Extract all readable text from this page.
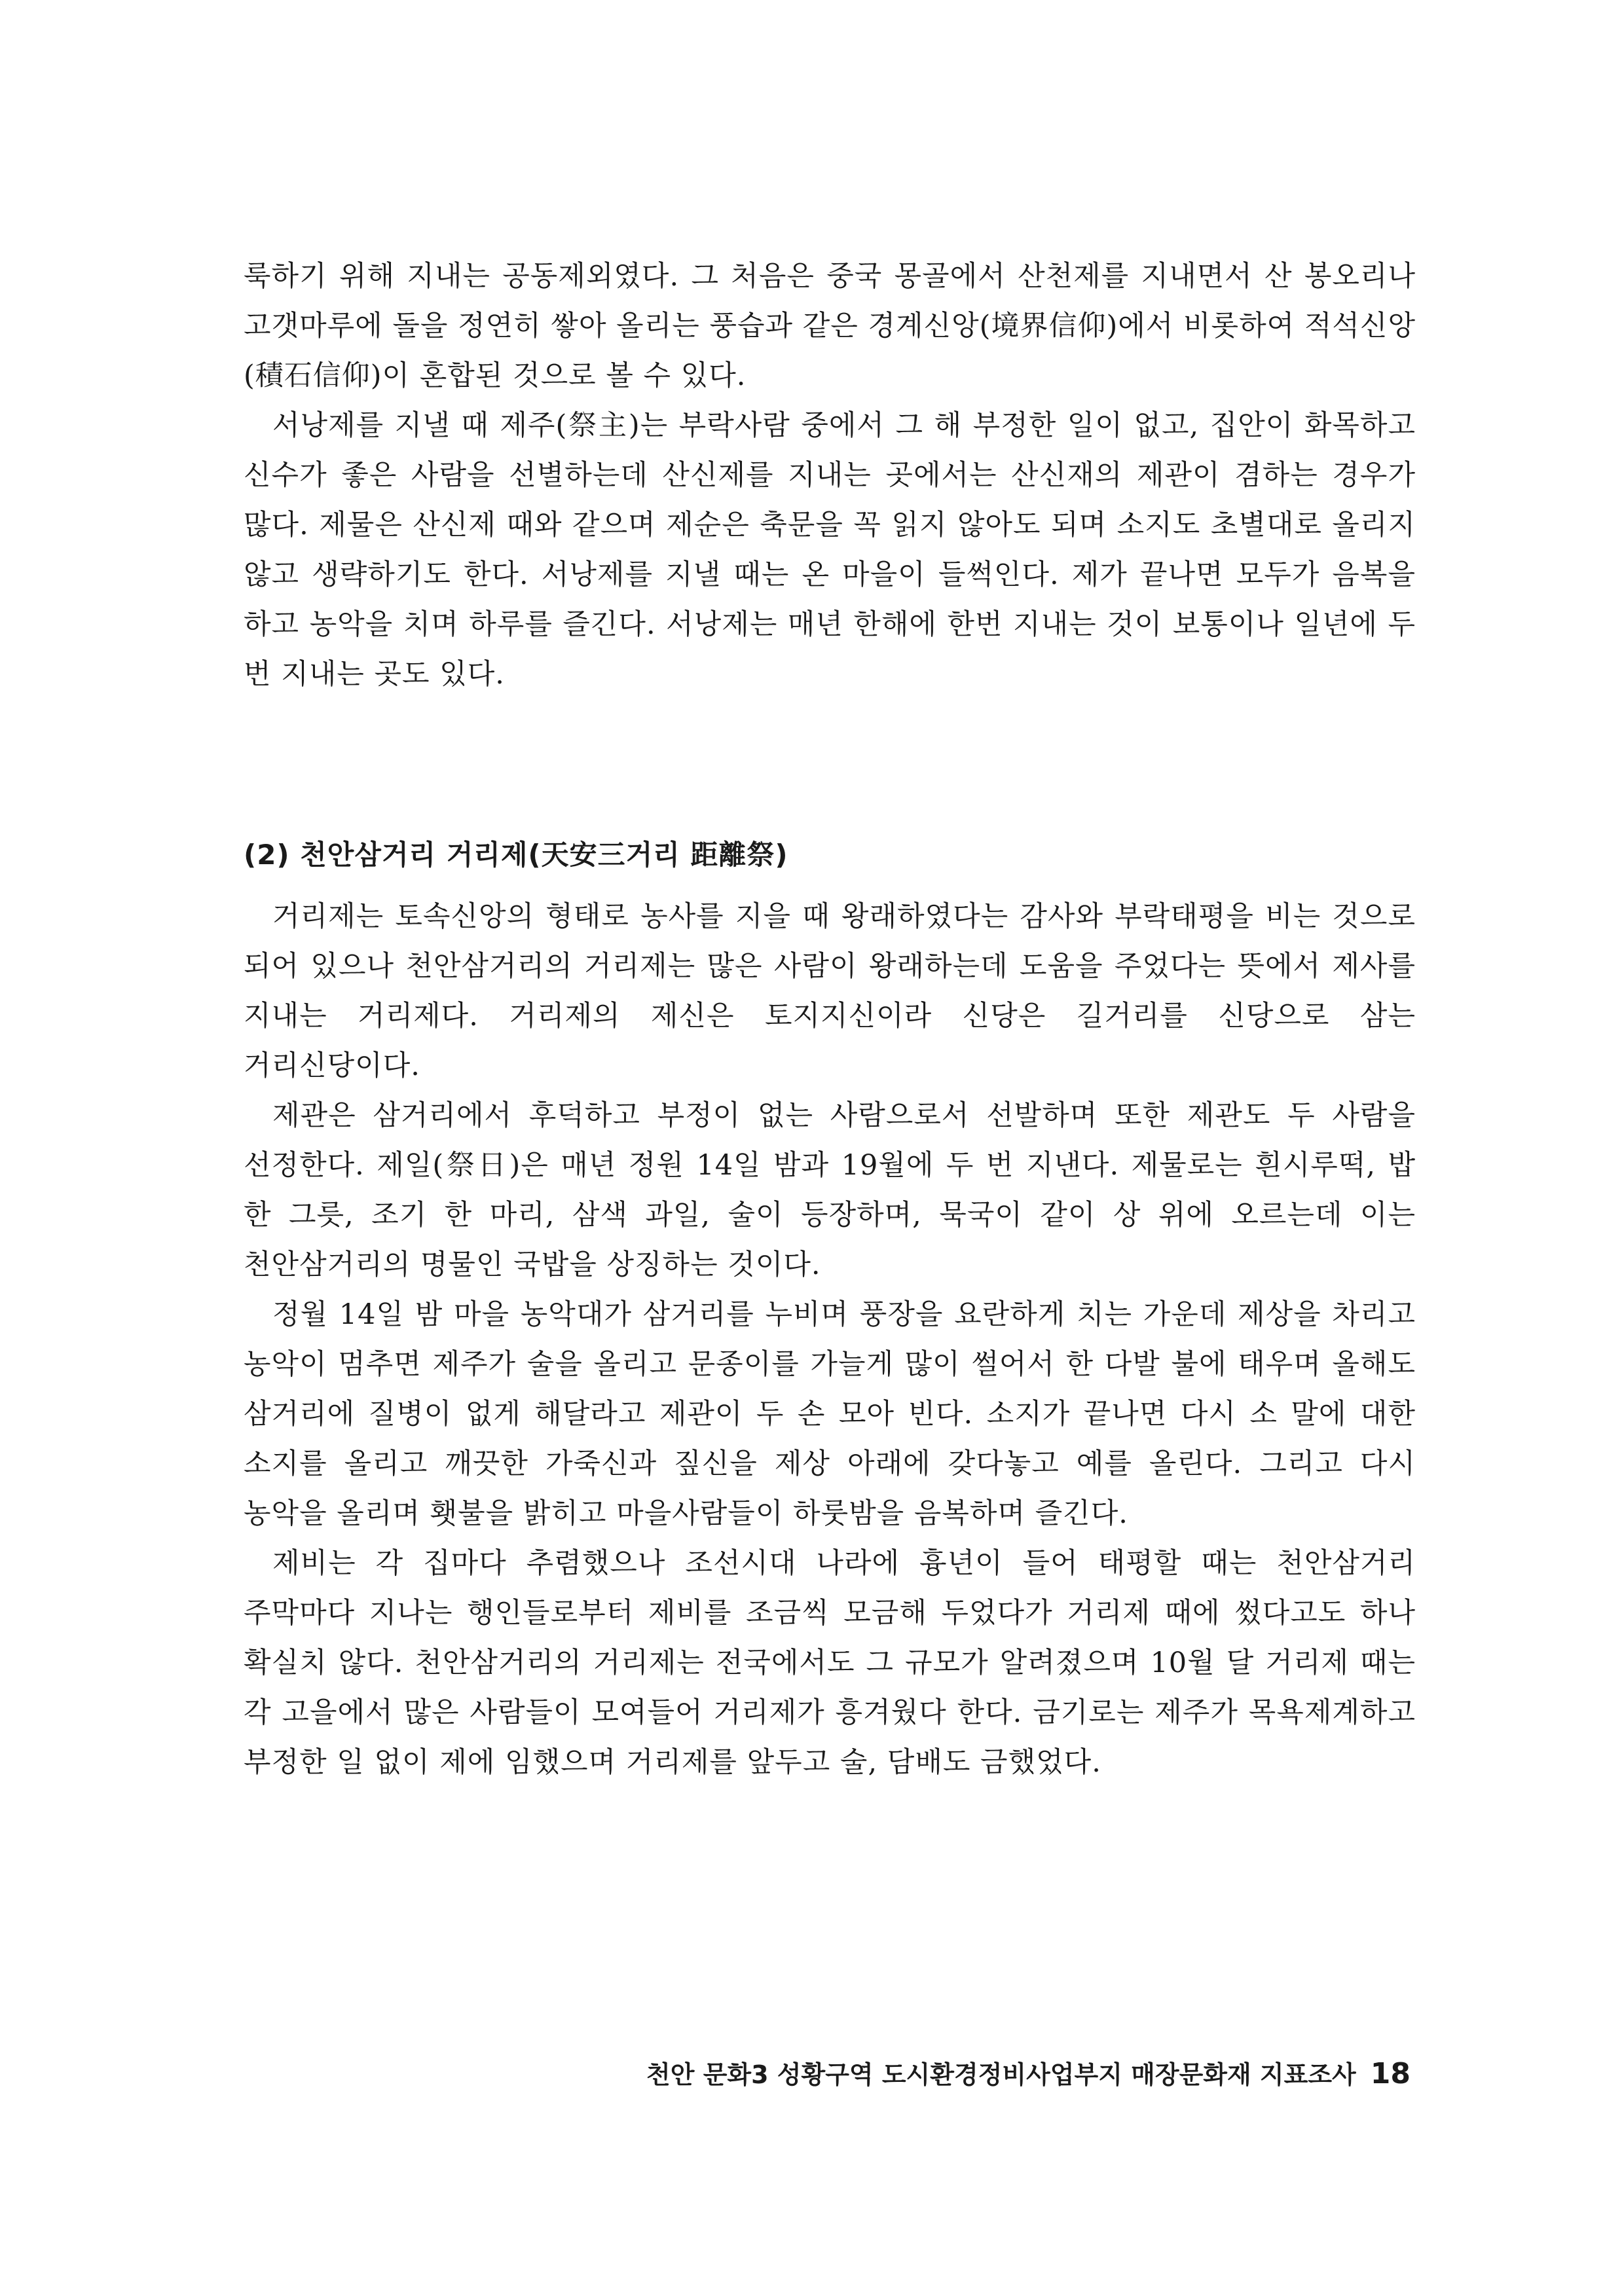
룩하기 위해 지내는 공동제외였다. 그 처음은 중국 몽골에서 산천제를 지내면서 산 봉오리나 고갯마루에 돌을 정연히 쌓아 올리는 풍습과 같은 경계신앙(境界信仰)에서 비롯하여 적석신앙(積石信仰)이 혼합된 것으로 볼 수 있다.

서낭제를 지낼 때 제주(祭主)는 부락사람 중에서 그 해 부정한 일이 없고, 집안이 화목하고 신수가 좋은 사람을 선별하는데 산신제를 지내는 곳에서는 산신재의 제관이 겸하는 경우가 많다. 제물은 산신제 때와 같으며 제순은 축문을 꼭 읽지 않아도 되며 소지도 초별대로 올리지 않고 생략하기도 한다. 서낭제를 지낼 때는 온 마을이 들썩인다. 제가 끝나면 모두가 음복을 하고 농악을 치며 하루를 즐긴다. 서낭제는 매년 한해에 한번 지내는 것이 보통이나 일년에 두 번 지내는 곳도 있다.

(2) 천안삼거리 거리제(天安三거리 距離祭)

거리제는 토속신앙의 형태로 농사를 지을 때 왕래하였다는 감사와 부락태평을 비는 것으로 되어 있으나 천안삼거리의 거리제는 많은 사람이 왕래하는데 도움을 주었다는 뜻에서 제사를 지내는 거리제다. 거리제의 제신은 토지지신이라 신당은 길거리를 신당으로 삼는 거리신당이다.

제관은 삼거리에서 후덕하고 부정이 없는 사람으로서 선발하며 또한 제관도 두 사람을 선정한다. 제일(祭日)은 매년 정원 14일 밤과 19월에 두 번 지낸다. 제물로는 흰시루떡, 밥 한 그릇, 조기 한 마리, 삼색 과일, 술이 등장하며, 묵국이 같이 상 위에 오르는데 이는 천안삼거리의 명물인 국밥을 상징하는 것이다.

정월 14일 밤 마을 농악대가 삼거리를 누비며 풍장을 요란하게 치는 가운데 제상을 차리고 농악이 멈추면 제주가 술을 올리고 문종이를 가늘게 많이 썰어서 한 다발 불에 태우며 올해도 삼거리에 질병이 없게 해달라고 제관이 두 손 모아 빈다. 소지가 끝나면 다시 소 말에 대한 소지를 올리고 깨끗한 가죽신과 짚신을 제상 아래에 갖다놓고 예를 올린다. 그리고 다시 농악을 올리며 횃불을 밝히고 마을사람들이 하룻밤을 음복하며 즐긴다.

제비는 각 집마다 추렴했으나 조선시대 나라에 흉년이 들어 태평할 때는 천안삼거리 주막마다 지나는 행인들로부터 제비를 조금씩 모금해 두었다가 거리제 때에 썼다고도 하나 확실치 않다. 천안삼거리의 거리제는 전국에서도 그 규모가 알려졌으며 10월 달 거리제 때는 각 고을에서 많은 사람들이 모여들어 거리제가 흥겨웠다 한다. 금기로는 제주가 목욕제계하고 부정한 일 없이 제에 임했으며 거리제를 앞두고 술, 담배도 금했었다.

천안 문화3 성황구역 도시환경정비사업부지 매장문화재 지표조사 18
